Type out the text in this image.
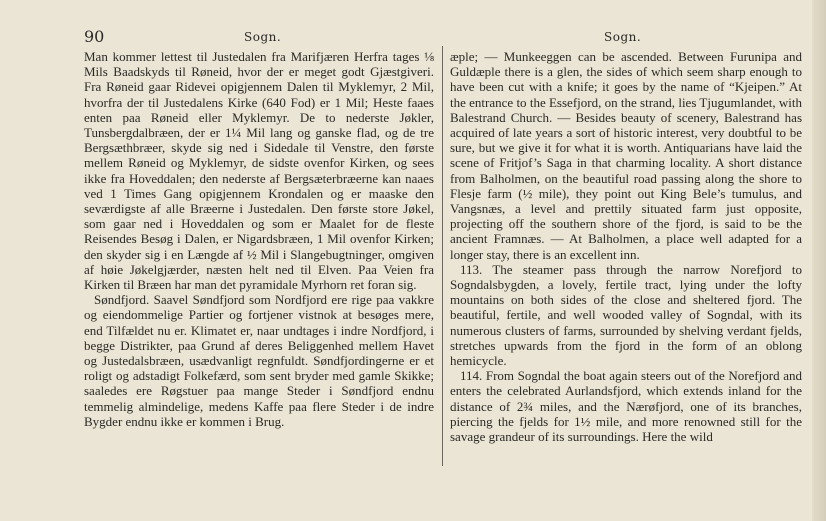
90	Sogn.	Sogn.

Man kommer lettest til Justedalen fra Marifjæren Herfra tages ⅛ Mils Baadskyds til Røneid, hvor der er meget godt Gjæstgiveri. Fra Røneid gaar Ridevei opigjennem Dalen til Myklemyr, 2 Mil, hvorfra der til Justedalens Kirke (640 Fod) er 1 Mil; Heste faaes enten paa Røneid eller Myklemyr. De to nederste Jøkler, Tunsbergdalbræen, der er 1¼ Mil lang og ganske flad, og de tre Bergsæthbræer, skyde sig ned i Sidedale til Venstre, den første mellem Røneid og Myklemyr, de sidste ovenfor Kirken, og sees ikke fra Hoveddalen; den nederste af Bergsæterbræerne kan naaes ved 1 Times Gang opigjennem Krondalen og er maaske den seværdigste af alle Bræerne i Justedalen. Den første store Jøkel, som gaar ned i Hoveddalen og som er Maalet for de fleste Reisendes Besøg i Dalen, er Nigardsbræen, 1 Mil ovenfor Kirken; den skyder sig i en Længde af ½ Mil i Slangebugtninger, omgiven af høie Jøkelgjærder, næsten helt ned til Elven. Paa Veien fra Kirken til Bræen har man det pyramidale Myrhorn ret foran sig.

Søndfjord. Saavel Søndfjord som Nordfjord ere rige paa vakkre og eiendommelige Partier og fortjener vistnok at besøges mere, end Tilfældet nu er. Klimatet er, naar undtages i indre Nordfjord, i begge Distrikter, paa Grund af deres Beliggenhed mellem Havet og Justedalsbræen, usædvanligt regnfuldt. Søndfjordingerne er et roligt og adstadigt Folkefærd, som sent bryder med gamle Skikke; saaledes ere Røgstuer paa mange Steder i Søndfjord endnu temmelig almindelige, medens Kaffe paa flere Steder i de indre Bygder endnu ikke er kommen i Brug.

æple; — Munkeeggen can be ascended. Between Furunipa and Guldæple there is a glen, the sides of which seem sharp enough to have been cut with a knife; it goes by the name of “Kjeipen.” At the entrance to the Essefjord, on the strand, lies Tjugumlandet, with Balestrand Church. — Besides beauty of scenery, Balestrand has acquired of late years a sort of historic interest, very doubtful to be sure, but we give it for what it is worth. Antiquarians have laid the scene of Fritjof’s Saga in that charming locality. A short distance from Balholmen, on the beautiful road passing along the shore to Flesje farm (½ mile), they point out King Bele’s tumulus, and Vangsnæs, a level and prettily situated farm just opposite, projecting off the southern shore of the fjord, is said to be the ancient Framnæs. — At Balholmen, a place well adapted for a longer stay, there is an excellent inn.

113. The steamer pass through the narrow Norefjord to Sogndalsbygden, a lovely, fertile tract, lying under the lofty mountains on both sides of the close and sheltered fjord. The beautiful, fertile, and well wooded valley of Sogndal, with its numerous clusters of farms, surrounded by shelving verdant fjelds, stretches upwards from the fjord in the form of an oblong hemicycle.

114. From Sogndal the boat again steers out of the Norefjord and enters the celebrated Aurlandsfjord, which extends inland for the distance of 2¾ miles, and the Nærøfjord, one of its branches, piercing the fjelds for 1½ mile, and more renowned still for the savage grandeur of its surroundings. Here the wild
